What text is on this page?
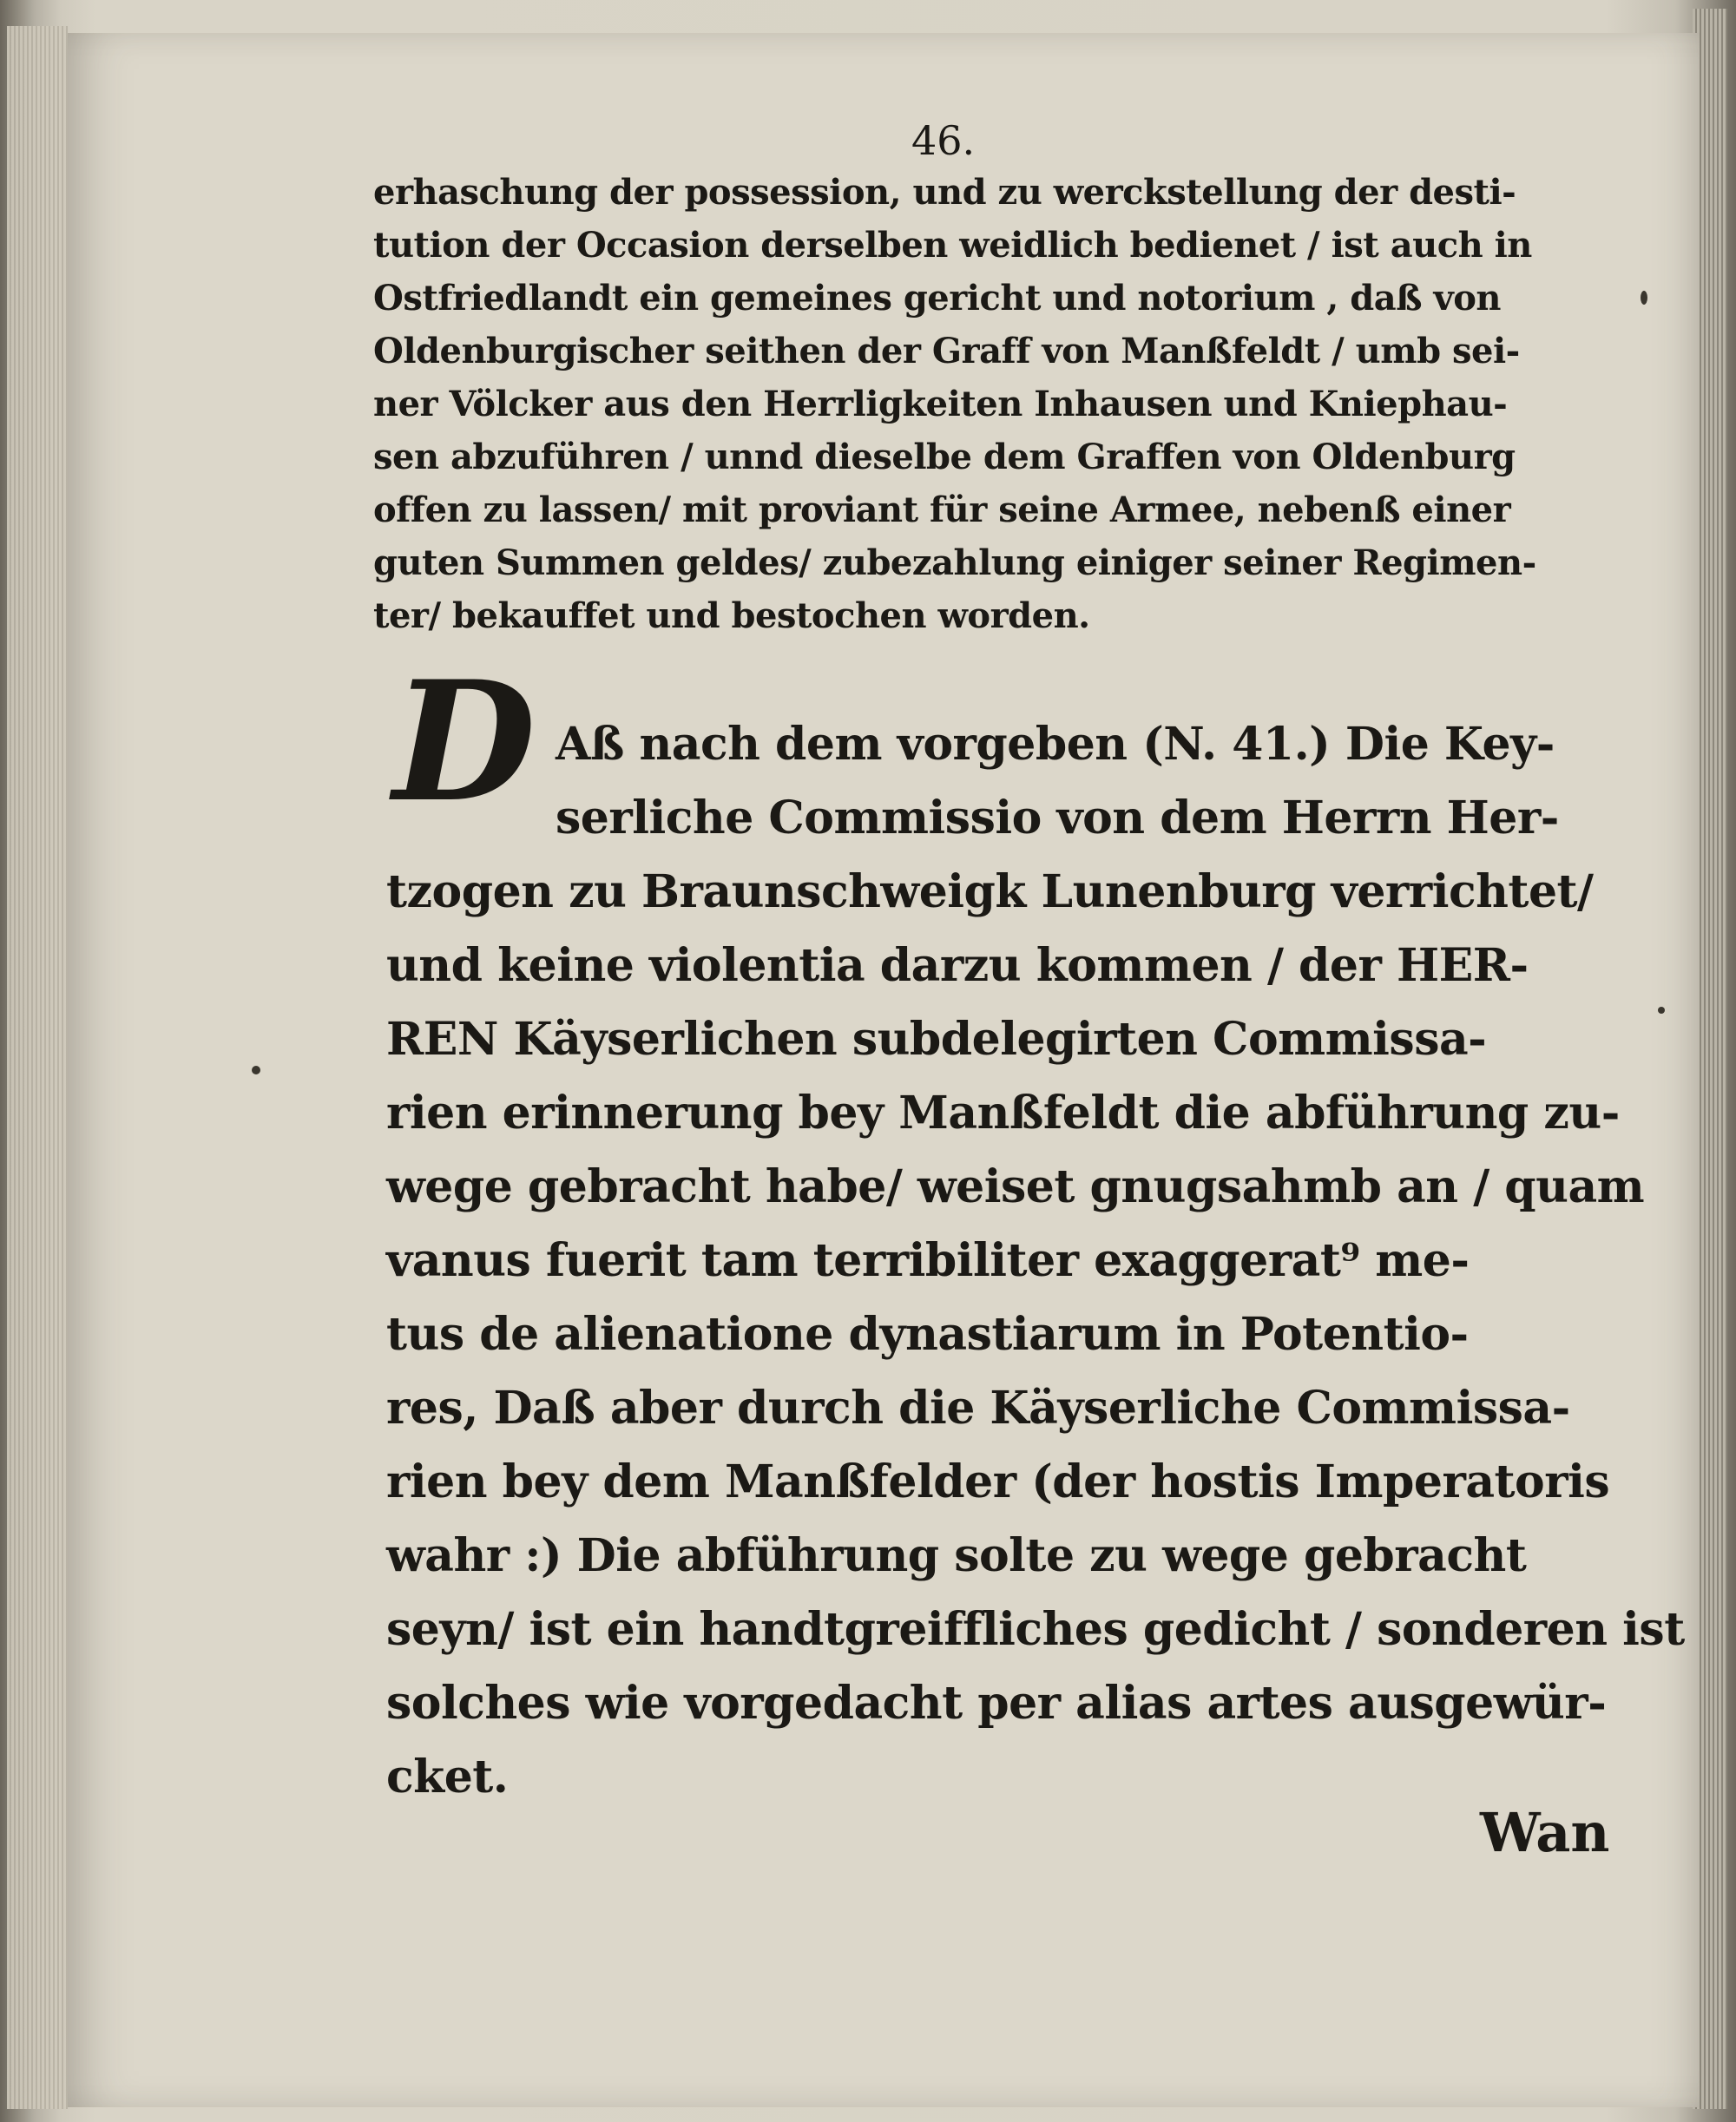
46.
erhaschung der possession, und zu werckstellung der desti-
tution der Occasion derselben weidlich bedienet / ist auch in
Ostfriedlandt ein gemeines gericht und notorium , daß von
Oldenburgischer seithen der Graff von Manßfeldt / umb sei-
ner Völcker aus den Herrligkeiten Inhausen und Kniephau-
sen abzuführen / unnd dieselbe dem Graffen von Oldenburg
offen zu lassen/ mit proviant für seine Armee, nebenß einer
guten Summen geldes/ zubezahlung einiger seiner Regimen-
ter/ bekauffet und bestochen worden.
D Aß nach dem vorgeben (N. 41.) Die Key-
serliche Commissio von dem Herrn Her-
tzogen zu Braunschweigk Lunenburg verrichtet/
und keine violentia darzu kommen / der HER-
REN Käyserlichen subdelegirten Commissa-
rien erinnerung bey Manßfeldt die abführung zu-
wege gebracht habe/ weiset gnugsahmb an / quam
vanus fuerit tam terribiliter exaggerat⁹ me-
tus de alienatione dynastiarum in Potentio-
res, Daß aber durch die Käyserliche Commissa-
rien bey dem Manßfelder (der hostis Imperatoris
wahr :) Die abführung solte zu wege gebracht
seyn/ ist ein handtgreiffliches gedicht / sonderen ist
solches wie vorgedacht per alias artes ausgewür-
cket.
Wan
